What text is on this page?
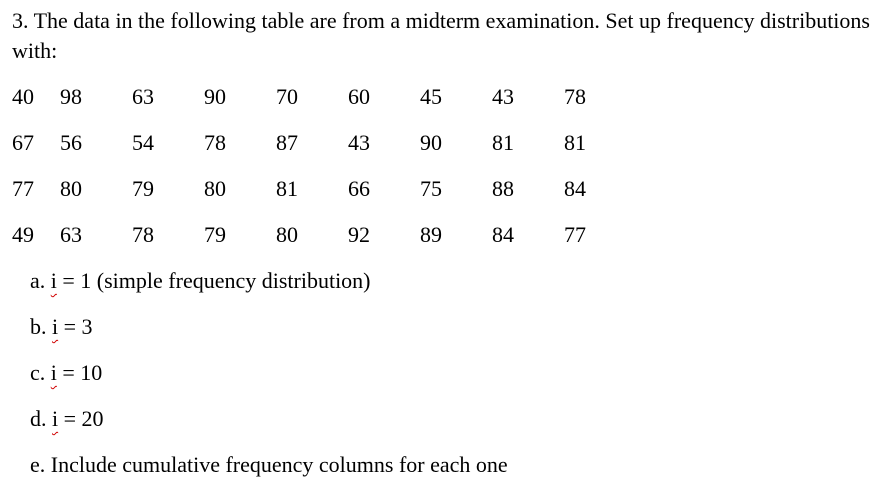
3. The data in the following table are from a midterm examination. Set up frequency distributions with:
40	98	63	90	70	60	45	43	78
67	56	54	78	87	43	90	81	81
77	80	79	80	81	66	75	88	84
49	63	78	79	80	92	89	84	77
a. i = 1 (simple frequency distribution)
b. i = 3
c. i = 10
d. i = 20
e. Include cumulative frequency columns for each one
